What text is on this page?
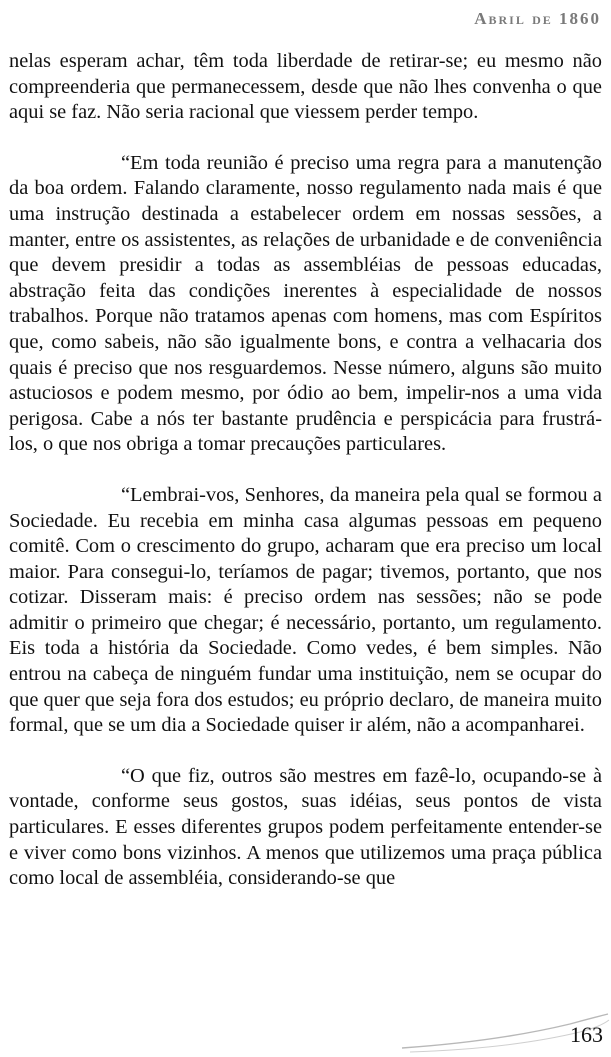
Abril de 1860

nelas esperam achar, têm toda liberdade de retirar-se; eu mesmo não compreenderia que permanecessem, desde que não lhes convenha o que aqui se faz. Não seria racional que viessem perder tempo.

“Em toda reunião é preciso uma regra para a manutenção da boa ordem. Falando claramente, nosso regulamento nada mais é que uma instrução destinada a estabelecer ordem em nossas sessões, a manter, entre os assistentes, as relações de urbanidade e de conveniência que devem presidir a todas as assembléias de pessoas educadas, abstração feita das condições inerentes à especialidade de nossos trabalhos. Porque não tratamos apenas com homens, mas com Espíritos que, como sabeis, não são igualmente bons, e contra a velhacaria dos quais é preciso que nos resguardemos. Nesse número, alguns são muito astuciosos e podem mesmo, por ódio ao bem, impelir-nos a uma vida perigosa. Cabe a nós ter bastante prudência e perspicácia para frustrá-los, o que nos obriga a tomar precauções particulares.

“Lembrai-vos, Senhores, da maneira pela qual se formou a Sociedade. Eu recebia em minha casa algumas pessoas em pequeno comitê. Com o crescimento do grupo, acharam que era preciso um local maior. Para consegui-lo, teríamos de pagar; tivemos, portanto, que nos cotizar. Disseram mais: é preciso ordem nas sessões; não se pode admitir o primeiro que chegar; é necessário, portanto, um regulamento. Eis toda a história da Sociedade. Como vedes, é bem simples. Não entrou na cabeça de ninguém fundar uma instituição, nem se ocupar do que quer que seja fora dos estudos; eu próprio declaro, de maneira muito formal, que se um dia a Sociedade quiser ir além, não a acompanharei.

“O que fiz, outros são mestres em fazê-lo, ocupando-se à vontade, conforme seus gostos, suas idéias, seus pontos de vista particulares. E esses diferentes grupos podem perfeitamente entender-se e viver como bons vizinhos. A menos que utilizemos uma praça pública como local de assembléia, considerando-se que

163
